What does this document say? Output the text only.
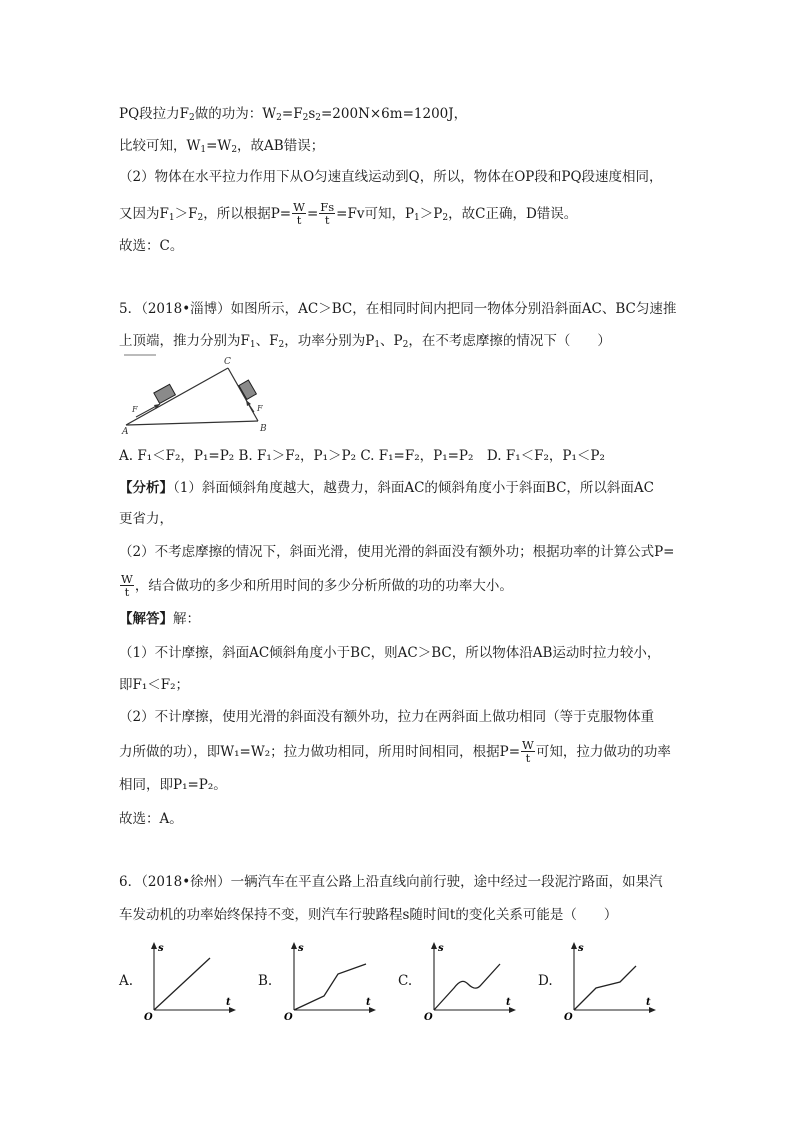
PQ段拉力$F_2$做的功为：$W_2=F_2s_2=200N\times 6m=1200J$，
比较可知，$W_1=W_2$，故AB错误；
（2）物体在水平拉力作用下从O匀速直线运动到Q，所以，物体在OP段和PQ段速度相同，
又因为$F_1>F_2$，所以根据$P= \frac{W}{t} = \frac{Fs}{t} =Fv$可知，$P_1>P_2$，故C正确，D错误。
故选：C。
5．（2018•淄博）如图所示，AC＞BC，在相同时间内把同一物体分别沿斜面AC、BC匀速推
上顶端，推力分别为$F_1$、$F_2$，功率分别为$P_1$、$P_2$，在不考虑摩擦的情况下（　　）
A	B
C
F	F
A. F₁＜F₂，P₁=P₂ B. F₁＞F₂，P₁＞P₂ C. F₁=F₂，P₁=P₂　D. F₁＜F₂，P₁＜P₂
【分析】（1）斜面倾斜角度越大，越费力，斜面AC的倾斜角度小于斜面BC，所以斜面AC
更省力，
（2）不考虑摩擦的情况下，斜面光滑，使用光滑的斜面没有额外功；根据功率的计算公式P=
$\frac{W}{t}$ ，结合做功的多少和所用时间的多少分析所做的功的功率大小。
【解答】解：
（1）不计摩擦，斜面AC倾斜角度小于BC，则AC＞BC，所以物体沿AB运动时拉力较小，
即F₁＜F₂；
（2）不计摩擦，使用光滑的斜面没有额外功，拉力在两斜面上做功相同（等于克服物体重
力所做的功），即W₁=W₂；拉力做功相同，所用时间相同，根据$P= \frac{W}{t}$ 可知，拉力做功的功率
相同，即P₁=P₂。
故选：A。
6．（2018•徐州）一辆汽车在平直公路上沿直线向前行驶，途中经过一段泥泞路面，如果汽
车发动机的功率始终保持不变，则汽车行驶路程s随时间t的变化关系可能是（　　）
A.
s
t
O
B.
s
t
O
C.
s
t
O
D.
s
t
O
